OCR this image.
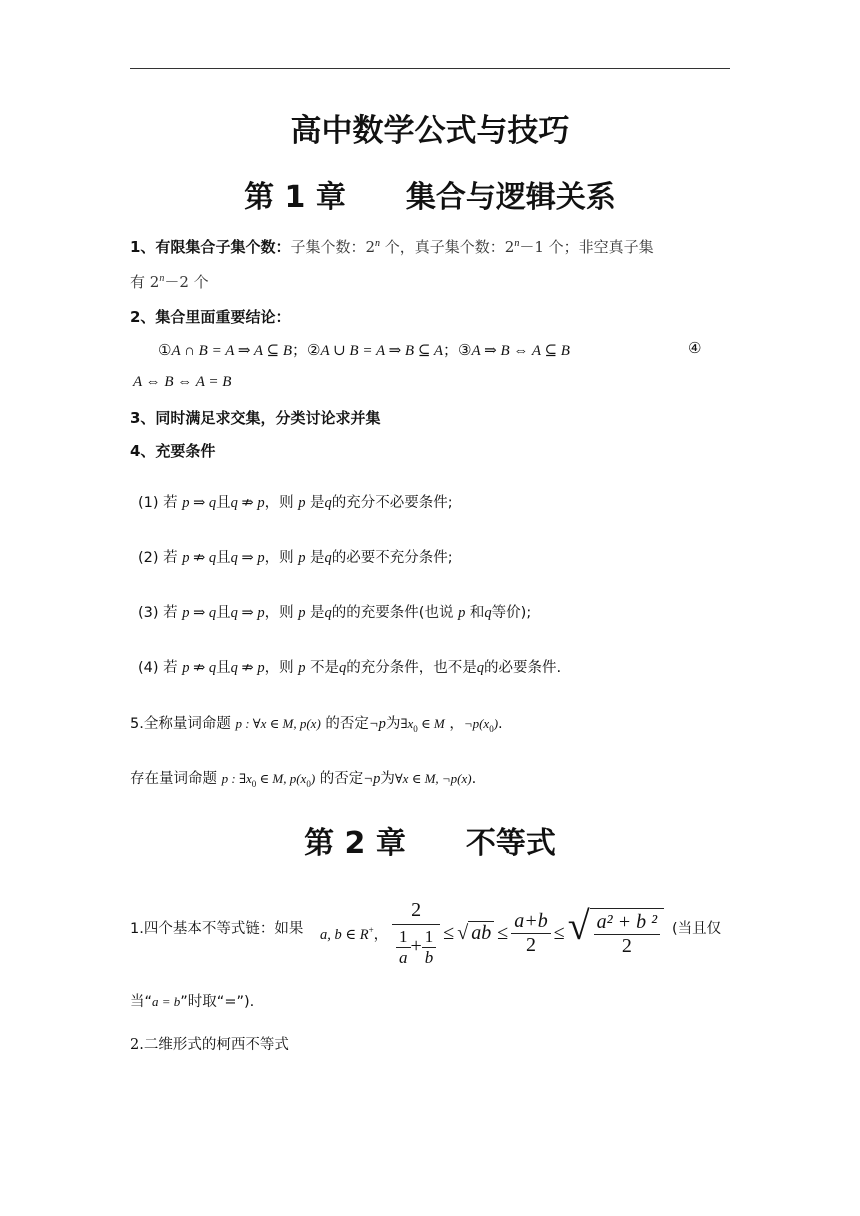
高中数学公式与技巧
第 1 章　　集合与逻辑关系
1、有限集合子集个数：子集个数：2$^n$ 个，真子集个数：$2^n-1$ 个；非空真子集
有 $2^n-2$ 个
2、集合里面重要结论：
①A ∩ B = A ⇒ A ⊆ B；②A ∪ B = A ⇒ B ⊆ A；③A ⇒ B ⇔ A ⊆ B	④
A ⇔ B ⇔ A = B
3、同时满足求交集，分类讨论求并集
4、充要条件
(1) 若 p ⇒ q且q ⇏ p，则 p 是q的充分不必要条件;
(2) 若 p ⇏ q且q ⇒ p，则 p 是q的必要不充分条件;
(3) 若 p ⇒ q且q ⇒ p，则 p 是q的的充要条件(也说 p 和q等价);
(4) 若 p ⇏ q且q ⇏ p，则 p 不是q的充分条件，也不是q的必要条件.
5.全称量词命题 p : ∀x ∈ M, p(x) 的否定¬p为$\exists x_0$ ∈ M ，$\neg p(x_0)$.
存在量词命题 p : $\exists x_0$ ∈ M, $p(x_0)$ 的否定¬p为∀x ∈ M, ¬p(x).
第 2 章　　不等式
1.四个基本不等式链：如果 a, b ∈ R+， $\frac{2}{\frac{1}{a} + \frac{1}{b}}$ ≤ √ ab ≤ $\frac{a+b}{2}$ ≤ √ $\frac{\text{a² + b ²}}{2}$ (当且仅
当“a = b”时取“=”).
2.二维形式的柯西不等式
